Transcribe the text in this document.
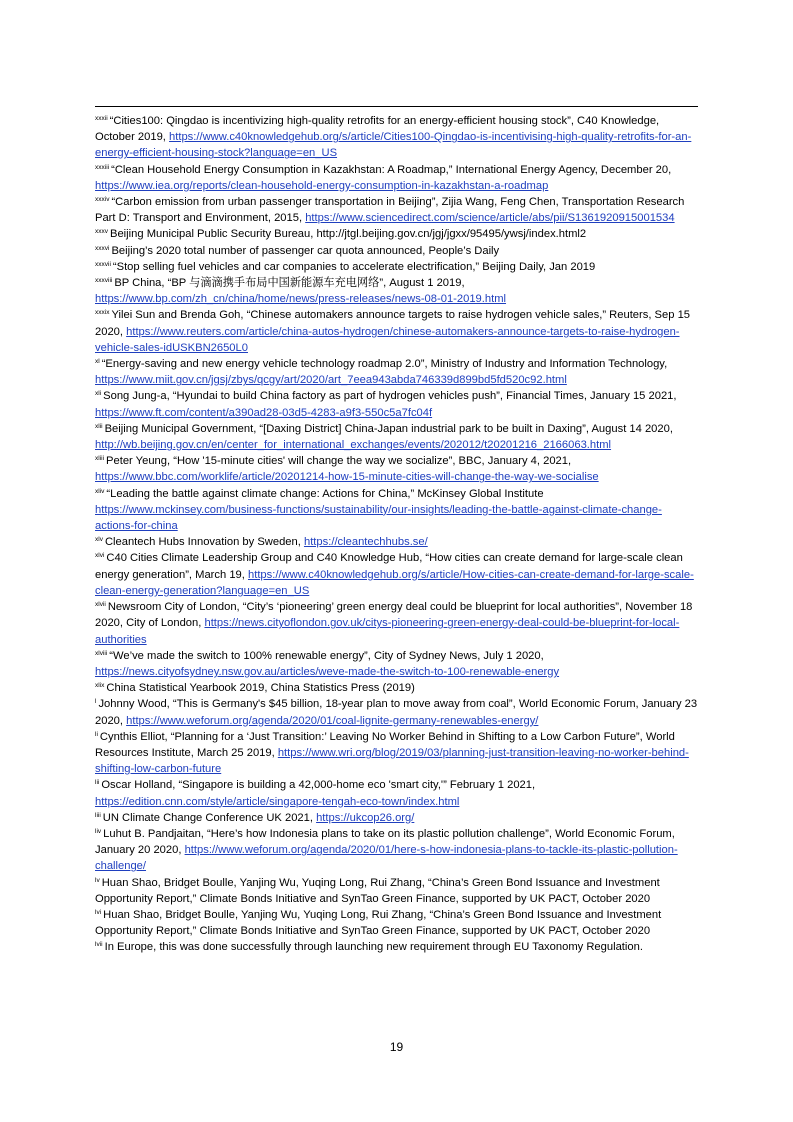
$^{xxxii}$ “Cities100: Qingdao is incentivizing high-quality retrofits for an energy-efficient housing stock”, C40 Knowledge, October 2019, https://www.c40knowledgehub.org/s/article/Cities100-Qingdao-is-incentivising-high-quality-retrofits-for-an-energy-efficient-housing-stock?language=en_US

$^{xxxiii}$ “Clean Household Energy Consumption in Kazakhstan: A Roadmap,” International Energy Agency, December 20, https://www.iea.org/reports/clean-household-energy-consumption-in-kazakhstan-a-roadmap

$^{xxxiv}$ “Carbon emission from urban passenger transportation in Beijing”, Zijia Wang, Feng Chen, Transportation Research Part D: Transport and Environment, 2015, https://www.sciencedirect.com/science/article/abs/pii/S1361920915001534

$^{xxxv}$ Beijing Municipal Public Security Bureau, http://jtgl.beijing.gov.cn/jgj/jgxx/95495/ywsj/index.html2

$^{xxxvi}$ Beijing’s 2020 total number of passenger car quota announced, People’s Daily

$^{xxxvii}$ “Stop selling fuel vehicles and car companies to accelerate electrification,” Beijing Daily, Jan 2019

$^{xxxviii}$ BP China, “BP 与滴滴携手布局中国新能源车充电网络”, August 1 2019, https://www.bp.com/zh_cn/china/home/news/press-releases/news-08-01-2019.html

$^{xxxix}$ Yilei Sun and Brenda Goh, “Chinese automakers announce targets to raise hydrogen vehicle sales,” Reuters, Sep 15 2020, https://www.reuters.com/article/china-autos-hydrogen/chinese-automakers-announce-targets-to-raise-hydrogen-vehicle-sales-idUSKBN2650L0

$^{xl}$ “Energy-saving and new energy vehicle technology roadmap 2.0”, Ministry of Industry and Information Technology, https://www.miit.gov.cn/jgsj/zbys/qcgy/art/2020/art_7eea943abda746339d899bd5fd520c92.html

$^{xli}$ Song Jung-a, “Hyundai to build China factory as part of hydrogen vehicles push”, Financial Times, January 15 2021, https://www.ft.com/content/a390ad28-03d5-4283-a9f3-550c5a7fc04f

$^{xlii}$ Beijing Municipal Government, “[Daxing District] China-Japan industrial park to be built in Daxing”, August 14 2020, http://wb.beijing.gov.cn/en/center_for_international_exchanges/events/202012/t20201216_2166063.html

$^{xliii}$ Peter Yeung, “How '15-minute cities' will change the way we socialize”, BBC, January 4, 2021, https://www.bbc.com/worklife/article/20201214-how-15-minute-cities-will-change-the-way-we-socialise

$^{xliv}$ “Leading the battle against climate change: Actions for China,” McKinsey Global Institute https://www.mckinsey.com/business-functions/sustainability/our-insights/leading-the-battle-against-climate-change-actions-for-china

$^{xlv}$ Cleantech Hubs Innovation by Sweden, https://cleantechhubs.se/

$^{xlvi}$ C40 Cities Climate Leadership Group and C40 Knowledge Hub, “How cities can create demand for large-scale clean energy generation”, March 19, https://www.c40knowledgehub.org/s/article/How-cities-can-create-demand-for-large-scale-clean-energy-generation?language=en_US

$^{xlvii}$ Newsroom City of London, “City’s ‘pioneering’ green energy deal could be blueprint for local authorities”, November 18 2020, City of London, https://news.cityoflondon.gov.uk/citys-pioneering-green-energy-deal-could-be-blueprint-for-local-authorities

$^{xlviii}$ “We’ve made the switch to 100% renewable energy”, City of Sydney News, July 1 2020, https://news.cityofsydney.nsw.gov.au/articles/weve-made-the-switch-to-100-renewable-energy

$^{xlix}$ China Statistical Yearbook 2019, China Statistics Press (2019)

$^l$ Johnny Wood, “This is Germany's $45 billion, 18-year plan to move away from coal”, World Economic Forum, January 23 2020, https://www.weforum.org/agenda/2020/01/coal-lignite-germany-renewables-energy/

$^{li}$ Cynthis Elliot, “Planning for a ‘Just Transition:’ Leaving No Worker Behind in Shifting to a Low Carbon Future”, World Resources Institute, March 25 2019, https://www.wri.org/blog/2019/03/planning-just-transition-leaving-no-worker-behind-shifting-low-carbon-future

$^{lii}$ Oscar Holland, “Singapore is building a 42,000-home eco 'smart city,'” February 1 2021, https://edition.cnn.com/style/article/singapore-tengah-eco-town/index.html

$^{liii}$ UN Climate Change Conference UK 2021, https://ukcop26.org/

$^{liv}$ Luhut B. Pandjaitan, “Here’s how Indonesia plans to take on its plastic pollution challenge”, World Economic Forum, January 20 2020, https://www.weforum.org/agenda/2020/01/here-s-how-indonesia-plans-to-tackle-its-plastic-pollution-challenge/

$^{lv}$ Huan Shao, Bridget Boulle, Yanjing Wu, Yuqing Long, Rui Zhang, “China’s Green Bond Issuance and Investment Opportunity Report,” Climate Bonds Initiative and SynTao Green Finance, supported by UK PACT, October 2020

$^{lvi}$ Huan Shao, Bridget Boulle, Yanjing Wu, Yuqing Long, Rui Zhang, “China’s Green Bond Issuance and Investment Opportunity Report,” Climate Bonds Initiative and SynTao Green Finance, supported by UK PACT, October 2020

$^{lvii}$ In Europe, this was done successfully through launching new requirement through EU Taxonomy Regulation.

19
